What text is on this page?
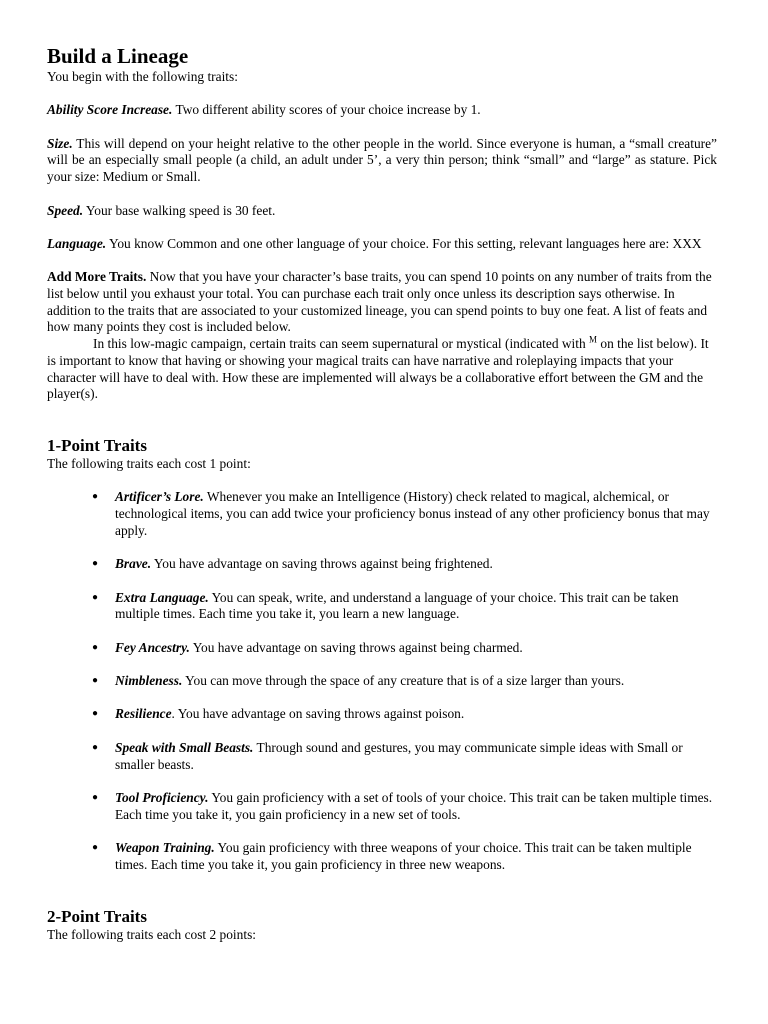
Build a Lineage

You begin with the following traits:

Ability Score Increase. Two different ability scores of your choice increase by 1.

Size. This will depend on your height relative to the other people in the world. Since everyone is human, a “small creature” will be an especially small people (a child, an adult under 5’, a very thin person; think “small” and “large” as stature. Pick your size: Medium or Small.

Speed. Your base walking speed is 30 feet.

Language. You know Common and one other language of your choice. For this setting, relevant languages here are: XXX

Add More Traits. Now that you have your character’s base traits, you can spend 10 points on any number of traits from the list below until you exhaust your total. You can purchase each trait only once unless its description says otherwise. In addition to the traits that are associated to your customized lineage, you can spend points to buy one feat. A list of feats and how many points they cost is included below.

In this low-magic campaign, certain traits can seem supernatural or mystical (indicated with $^M$ on the list below). It is important to know that having or showing your magical traits can have narrative and roleplaying impacts that your character will have to deal with. How these are implemented will always be a collaborative effort between the GM and the player(s).

1-Point Traits

The following traits each cost 1 point:

● Artificer’s Lore. Whenever you make an Intelligence (History) check related to magical, alchemical, or technological items, you can add twice your proficiency bonus instead of any other proficiency bonus that may apply.
● Brave. You have advantage on saving throws against being frightened.
● Extra Language. You can speak, write, and understand a language of your choice. This trait can be taken multiple times. Each time you take it, you learn a new language.
● Fey Ancestry. You have advantage on saving throws against being charmed.
● Nimbleness. You can move through the space of any creature that is of a size larger than yours.
● Resilience. You have advantage on saving throws against poison.
● Speak with Small Beasts. Through sound and gestures, you may communicate simple ideas with Small or smaller beasts.
● Tool Proficiency. You gain proficiency with a set of tools of your choice. This trait can be taken multiple times. Each time you take it, you gain proficiency in a new set of tools.
● Weapon Training. You gain proficiency with three weapons of your choice. This trait can be taken multiple times. Each time you take it, you gain proficiency in three new weapons.
2-Point Traits

The following traits each cost 2 points:
